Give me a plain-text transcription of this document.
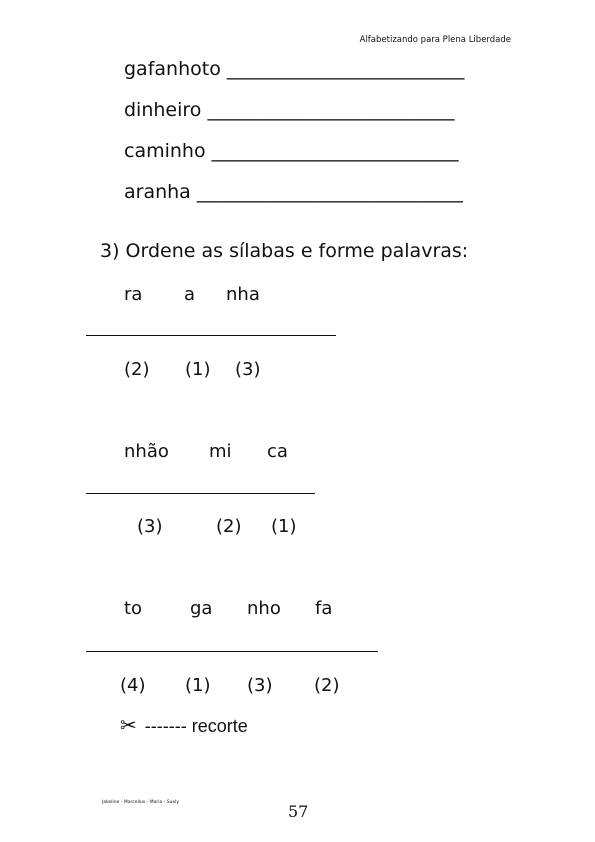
Alfabetizando para Plena Liberdade
gafanhoto _________________________
dinheiro __________________________
caminho __________________________
aranha ____________________________
3) Ordene as sílabas e forme palavras:
ra a nha
(2) (1) (3)
nhão mi ca
(3)	(2) (1)
to	ga nho fa
(4) (1) (3) (2)
✂ ------- recorte
Jakeline - Marcellus - Maria - Suely	57
